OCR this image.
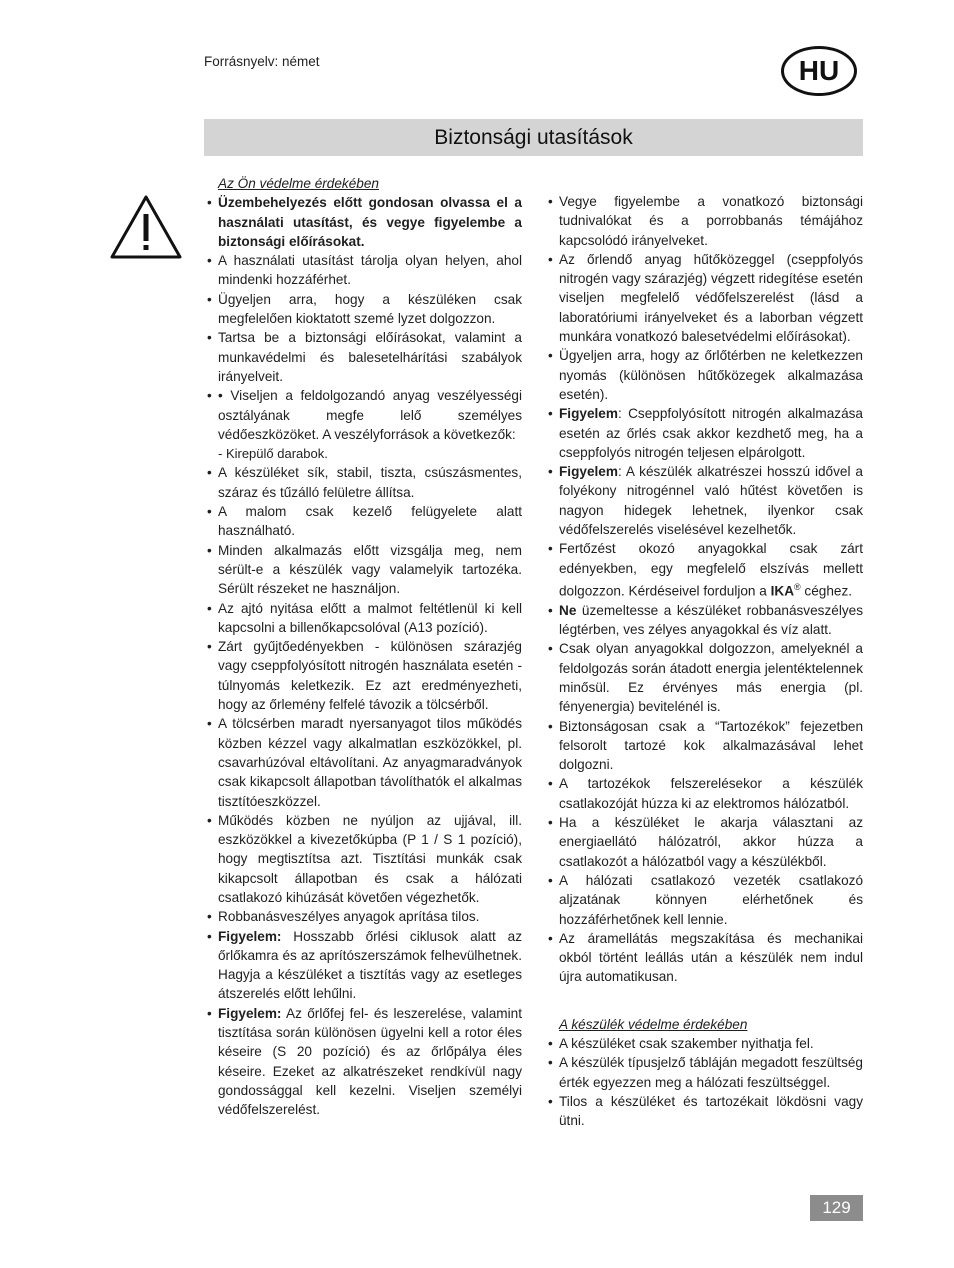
Forrásnyelv: német	HU
Biztonsági utasítások
Az Ön védelme érdekében
• Üzembehelyezés előtt gondosan olvassa el a használati utasítást, és vegye figyelembe a biztonsági előírásokat.
• A használati utasítást tárolja olyan helyen, ahol mindenki hozzáférhet.
• Ügyeljen arra, hogy a készüléken csak megfelelően kioktatott szemé lyzet dolgozzon.
• Tartsa be a biztonsági előírásokat, valamint a munkavédelmi és balesetelhárítási szabályok irányelveit.
• • Viseljen a feldolgozandó anyag veszélyességi osztályának megfe lelő személyes védőeszközöket. A veszélyforrások a következők:
- Kirepülő darabok.
• A készüléket sík, stabil, tiszta, csúszásmentes, száraz és tűzálló felületre állítsa.
• A malom csak kezelő felügyelete alatt használható.
• Minden alkalmazás előtt vizsgálja meg, nem sérült-e a készülék vagy valamelyik tartozéka. Sérült részeket ne használjon.
• Az ajtó nyitása előtt a malmot feltétlenül ki kell kapcsolni a billenőkapcsolóval (A13 pozíció).
• Zárt gyűjtőedényekben - különösen szárazjég vagy cseppfolyósított nitrogén használata esetén - túlnyomás keletkezik. Ez azt eredményezheti, hogy az őrlemény felfelé távozik a tölcsérből.
• A tölcsérben maradt nyersanyagot tilos működés közben kézzel vagy alkalmatlan eszközökkel, pl. csavarhúzóval eltávolítani. Az anyagmaradványok csak kikapcsolt állapotban távolíthatók el alkalmas tisztítóeszközzel.
• Működés közben ne nyúljon az ujjával, ill. eszközökkel a kivezetőkúpba (P 1 / S 1 pozíció), hogy megtisztítsa azt. Tisztítási munkák csak kikapcsolt állapotban és csak a hálózati csatlakozó kihúzását követően végezhetők.
• Robbanásveszélyes anyagok aprítása tilos.
• Figyelem: Hosszabb őrlési ciklusok alatt az őrlőkamra és az aprítószerszámok felhevülhetnek. Hagyja a készüléket a tisztítás vagy az esetleges átszerelés előtt lehűlni.
• Figyelem: Az őrlőfej fel- és leszerelése, valamint tisztítása során különösen ügyelni kell a rotor éles késeire (S 20 pozíció) és az őrlőpálya éles késeire. Ezeket az alkatrészeket rendkívül nagy gondossággal kell kezelni. Viseljen személyi védőfelszerelést.
• Vegye figyelembe a vonatkozó biztonsági tudnivalókat és a porrobbanás témájához kapcsolódó irányelveket.
• Az őrlendő anyag hűtőközeggel (cseppfolyós nitrogén vagy szárazjég) végzett ridegítése esetén viseljen megfelelő védőfelszerelést (lásd a laboratóriumi irányelveket és a laborban végzett munkára vonatkozó balesetvédelmi előírásokat).
• Ügyeljen arra, hogy az őrlőtérben ne keletkezzen nyomás (különösen hűtőközegek alkalmazása esetén).
• Figyelem: Cseppfolyósított nitrogén alkalmazása esetén az őrlés csak akkor kezdhető meg, ha a cseppfolyós nitrogén teljesen elpárolgott.
• Figyelem: A készülék alkatrészei hosszú idővel a folyékony nitrogénnel való hűtést követően is nagyon hidegek lehetnek, ilyenkor csak védőfelszerelés viselésével kezelhetők.
• Fertőzést okozó anyagokkal csak zárt edényekben, egy megfelelő elszívás mellett dolgozzon. Kérdéseivel forduljon a IKA® céghez.
• Ne üzemeltesse a készüléket robbanásveszélyes légtérben, ves zélyes anyagokkal és víz alatt.
• Csak olyan anyagokkal dolgozzon, amelyeknél a feldolgozás során átadott energia jelentéktelennek minősül. Ez érvényes más energia (pl. fényenergia) bevitelénél is.
• Biztonságosan csak a “Tartozékok” fejezetben felsorolt tartozé kok alkalmazásával lehet dolgozni.
• A tartozékok felszerelésekor a készülék csatlakozóját húzza ki az elektromos hálózatból.
• Ha a készüléket le akarja választani az energiaellátó hálózatról, akkor húzza a csatlakozót a hálózatból vagy a készülékből.
• A hálózati csatlakozó vezeték csatlakozó aljzatának könnyen elérhetőnek és hozzáférhetőnek kell lennie.
• Az áramellátás megszakítása és mechanikai okból történt leállás után a készülék nem indul újra automatikusan.
A készülék védelme érdekében
• A készüléket csak szakember nyithatja fel.
• A készülék típusjelző tábláján megadott feszültség érték egyezzen meg a hálózati feszültséggel.
• Tilos a készüléket és tartozékait lökdösni vagy ütni.
129
